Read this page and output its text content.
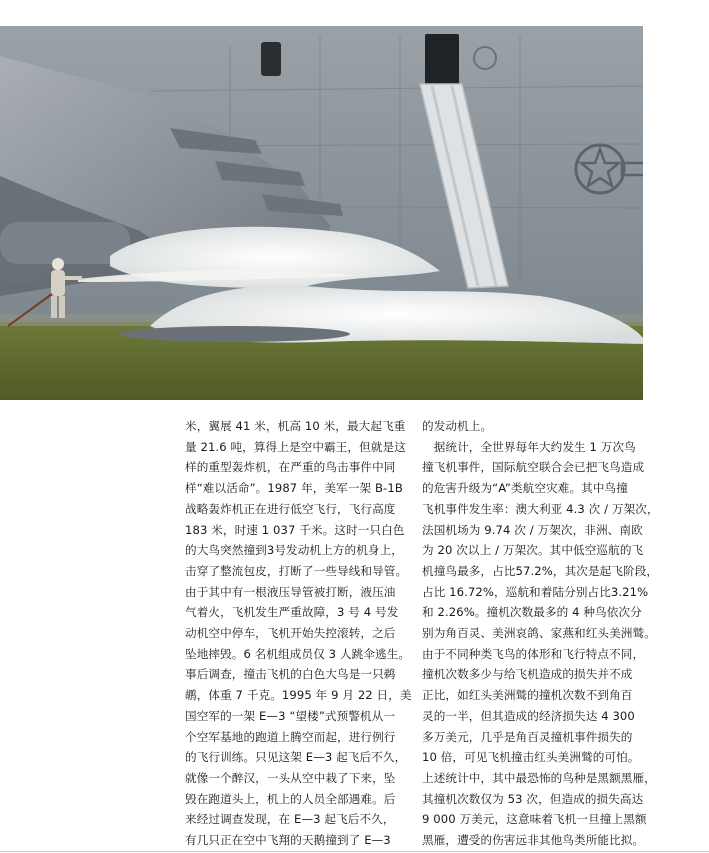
米，翼展 41 米，机高 10 米，最大起飞重
量 21.6 吨，算得上是空中霸王，但就是这
样的重型轰炸机，在严重的鸟击事件中同
样“难以活命”。1987 年，美军一架 B-1B
战略轰炸机正在进行低空飞行，飞行高度
183 米，时速 1 037 千米。这时一只白色
的大鸟突然撞到3号发动机上方的机身上，
击穿了整流包皮，打断了一些导线和导管。
由于其中有一根液压导管被打断，液压油
气着火，飞机发生严重故障，3 号 4 号发
动机空中停车，飞机开始失控滚转，之后
坠地摔毁。6 名机组成员仅 3 人跳伞逃生。
事后调查，撞击飞机的白色大鸟是一只鹈
鹕，体重 7 千克。1995 年 9 月 22 日，美
国空军的一架 E—3 “望楼”式预警机从一
个空军基地的跑道上腾空而起，进行例行
的飞行训练。只见这架 E—3 起飞后不久，
就像一个醉汉，一头从空中栽了下来，坠
毁在跑道头上，机上的人员全部遇难。后
来经过调查发现，在 E—3 起飞后不久，
有几只正在空中飞翔的天鹅撞到了 E—3
的发动机上。
　据统计，全世界每年大约发生 1 万次鸟
撞飞机事件，国际航空联合会已把飞鸟造成
的危害升级为“A”类航空灾难。其中鸟撞
飞机事件发生率：澳大利亚 4.3 次 / 万架次，
法国机场为 9.74 次 / 万架次，非洲、南欧
为 20 次以上 / 万架次。其中低空巡航的飞
机撞鸟最多，占比57.2%，其次是起飞阶段，
占比 16.72%，巡航和着陆分别占比3.21%
和 2.26%。撞机次数最多的 4 种鸟依次分
别为角百灵、美洲哀鸽、家燕和红头美洲鹫。
由于不同种类飞鸟的体形和飞行特点不同，
撞机次数多少与给飞机造成的损失并不成
正比，如红头美洲鹫的撞机次数不到角百
灵的一半，但其造成的经济损失达 4 300
多万美元，几乎是角百灵撞机事件损失的
10 倍，可见飞机撞击红头美洲鹫的可怕。
上述统计中，其中最恐怖的鸟种是黑额黑雁，
其撞机次数仅为 53 次，但造成的损失高达
9 000 万美元，这意味着飞机一旦撞上黑额
黑雁，遭受的伤害远非其他鸟类所能比拟。
